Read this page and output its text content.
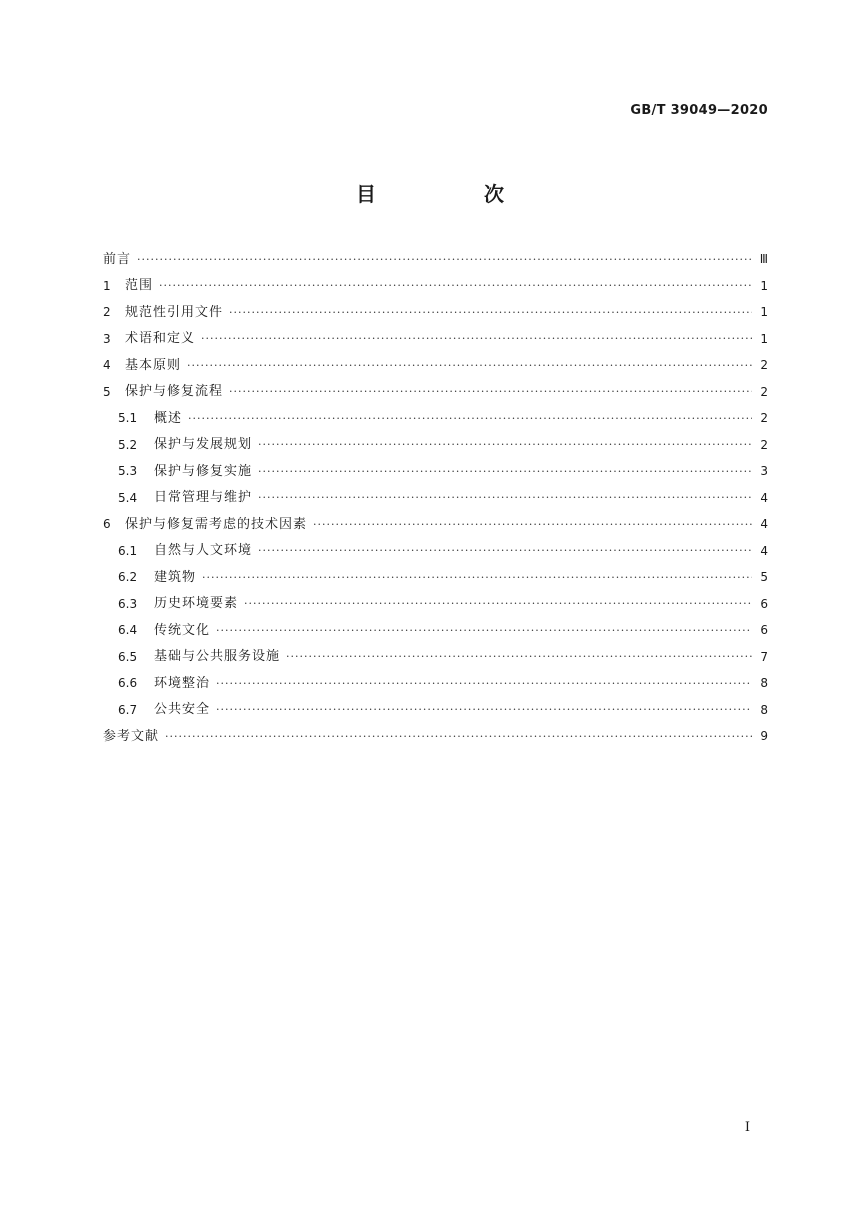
GB/T 39049—2020
目　次
前言 ·····	Ⅲ
1	范围 ·····	1
2	规范性引用文件 ·····	1
3	术语和定义 ·····	1
4	基本原则 ·····	2
5	保护与修复流程 ·····	2
5.1	概述 ·····	2
5.2	保护与发展规划 ·····	2
5.3	保护与修复实施 ·····	3
5.4	日常管理与维护 ·····	4
6	保护与修复需考虑的技术因素 ·····	4
6.1	自然与人文环境 ·····	4
6.2	建筑物 ·····	5
6.3	历史环境要素 ·····	6
6.4	传统文化 ·····	6
6.5	基础与公共服务设施 ·····	7
6.6	环境整治 ·····	8
6.7	公共安全 ·····	8
参考文献 ·····	9
Ⅰ
